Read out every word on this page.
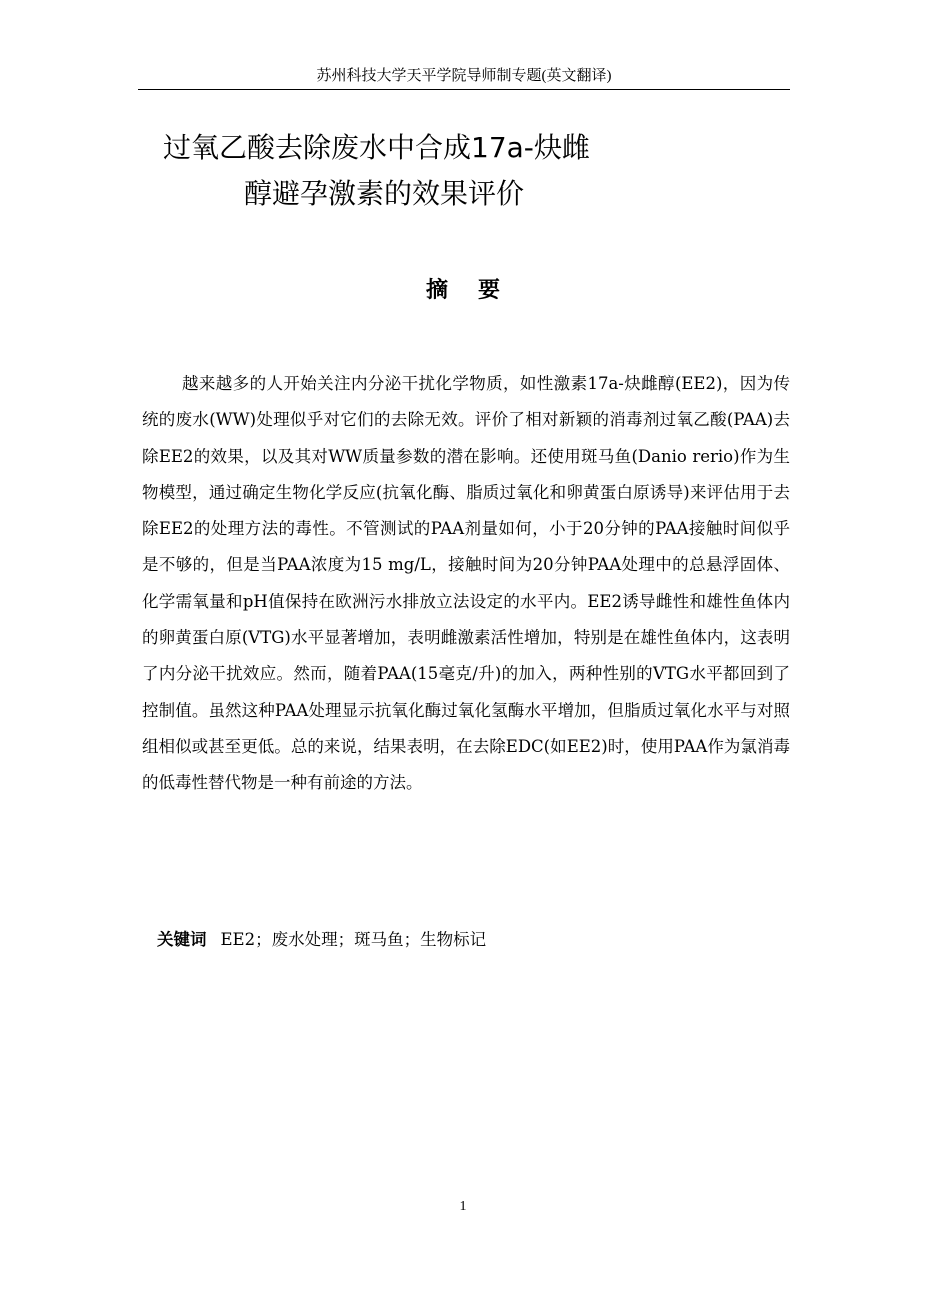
苏州科技大学天平学院导师制专题(英文翻译)
过氧乙酸去除废水中合成17a-炔雌
醇避孕激素的效果评价
摘要

越来越多的人开始关注内分泌干扰化学物质，如性激素17a-炔雌醇(EE2)，因为传统的废水(WW)处理似乎对它们的去除无效。评价了相对新颖的消毒剂过氧乙酸(PAA)去除EE2的效果，以及其对WW质量参数的潜在影响。还使用斑马鱼(Danio rerio)作为生物模型，通过确定生物化学反应(抗氧化酶、脂质过氧化和卵黄蛋白原诱导)来评估用于去除EE2的处理方法的毒性。不管测试的PAA剂量如何，小于20分钟的PAA接触时间似乎是不够的，但是当PAA浓度为15 mg/L，接触时间为20分钟PAA处理中的总悬浮固体、化学需氧量和pH值保持在欧洲污水排放立法设定的水平内。EE2诱导雌性和雄性鱼体内的卵黄蛋白原(VTG)水平显著增加，表明雌激素活性增加，特别是在雄性鱼体内，这表明了内分泌干扰效应。然而，随着PAA(15毫克/升)的加入，两种性别的VTG水平都回到了控制值。虽然这种PAA处理显示抗氧化酶过氧化氢酶水平增加，但脂质过氧化水平与对照组相似或甚至更低。总的来说，结果表明，在去除EDC(如EE2)时，使用PAA作为氯消毒的低毒性替代物是一种有前途的方法。

关键词 EE2；废水处理；斑马鱼；生物标记
1
